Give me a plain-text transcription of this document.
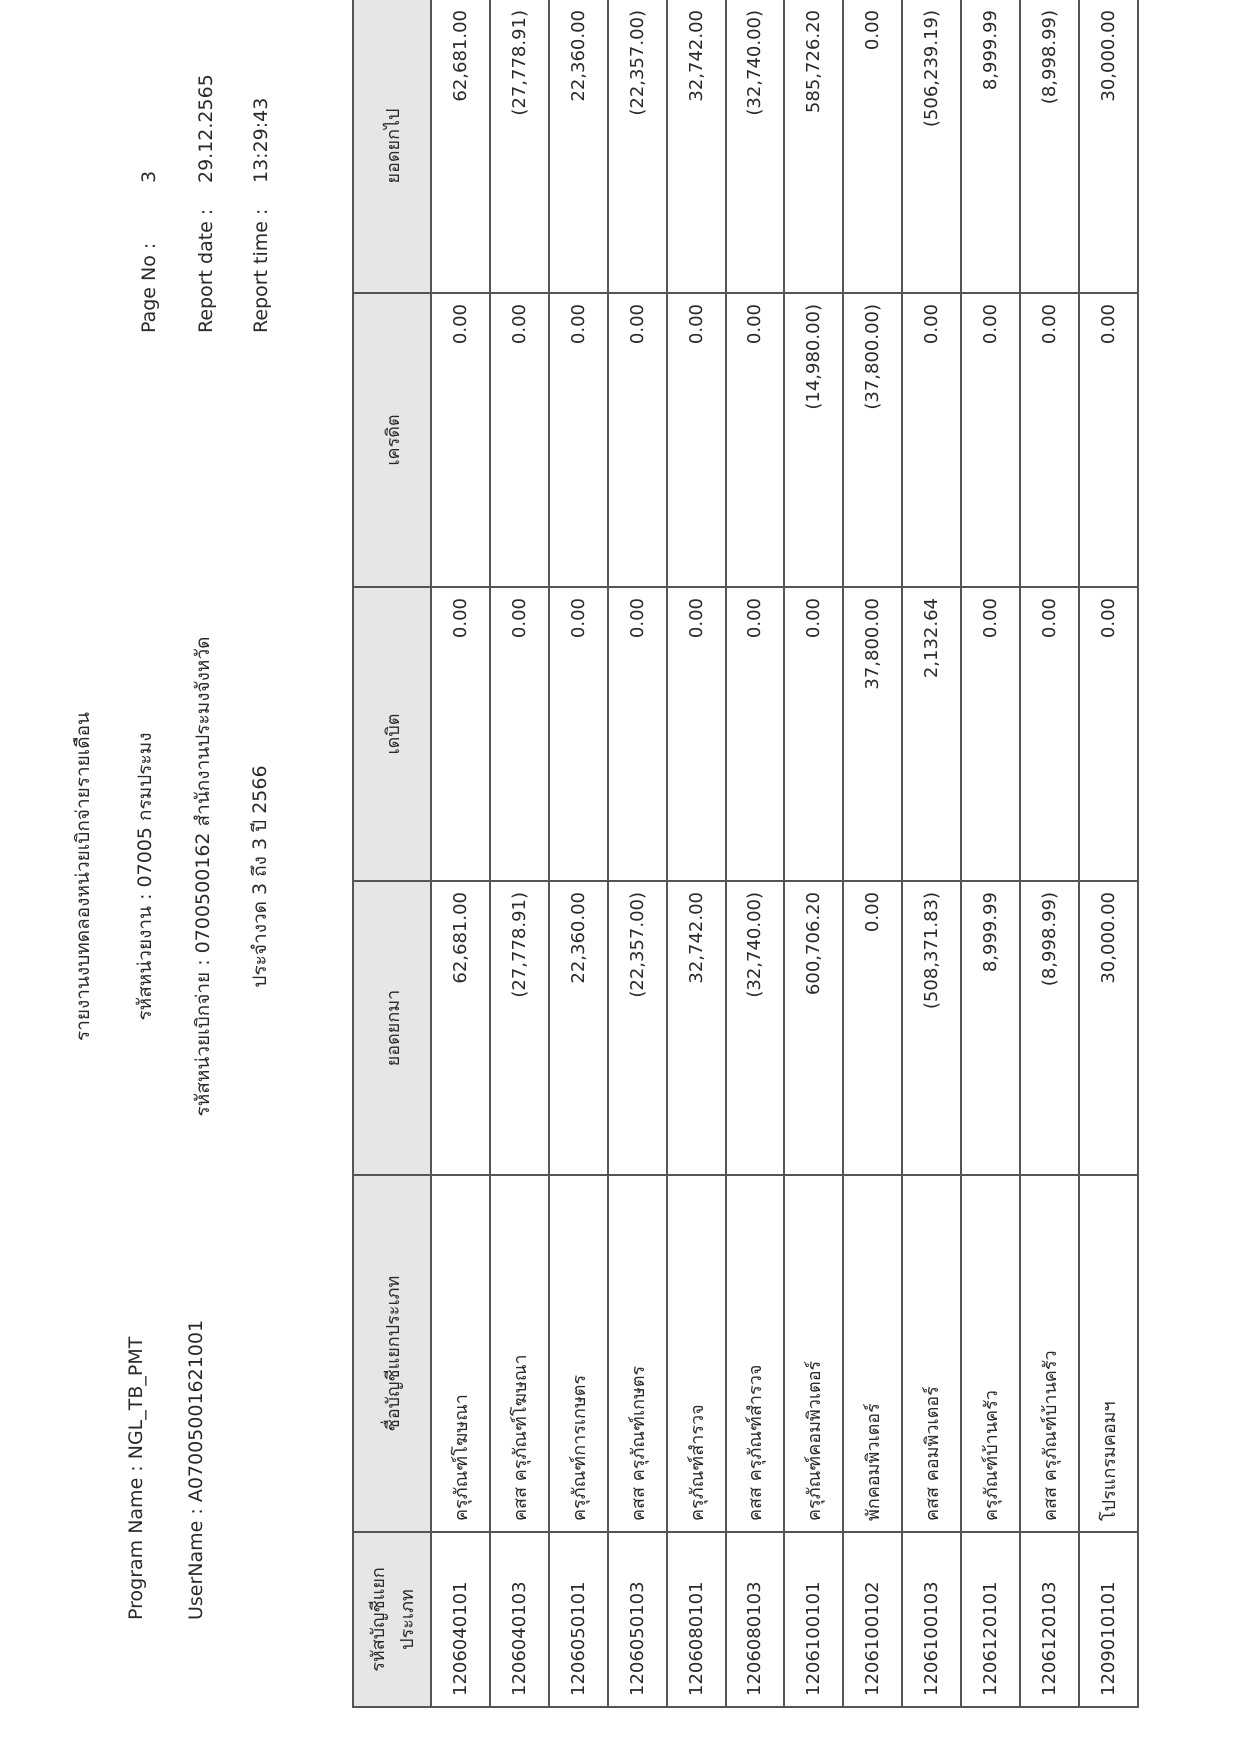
Program Name : NGL_TB_PMT UserName : A07005001621001
รายงานงบทดลองหน่วยเบิกจ่ายรายเดือน รหัสหน่วยงาน : 07005 กรมประมง รหัสหน่วยเบิกจ่าย : 0700500162 สำนักงานประมงจังหวัด ประจำงวด 3 ถึง 3 ปี 2566
Page No :
3
Report date :
29.12.2565
Report time :
13:29:43
รหัสบัญชีแยกประเภท	ชื่อบัญชีแยกประเภท	ยอดยกมา	เดบิต	เครดิต	ยอดยกไป
1206040101	ครุภัณฑ์โฆษณา	62,681.00	0.00	0.00	62,681.00
1206040103	คสส ครุภัณฑ์โฆษณา	(27,778.91)	0.00	0.00	(27,778.91)
1206050101	ครุภัณฑ์การเกษตร	22,360.00	0.00	0.00	22,360.00
1206050103	คสส ครุภัณฑ์เกษตร	(22,357.00)	0.00	0.00	(22,357.00)
1206080101	ครุภัณฑ์สำรวจ	32,742.00	0.00	0.00	32,742.00
1206080103	คสส ครุภัณฑ์สำรวจ	(32,740.00)	0.00	0.00	(32,740.00)
1206100101	ครุภัณฑ์คอมพิวเตอร์	600,706.20	0.00	(14,980.00)	585,726.20
1206100102	พักคอมพิวเตอร์	0.00	37,800.00	(37,800.00)	0.00
1206100103	คสส คอมพิวเตอร์	(508,371.83)	2,132.64	0.00	(506,239.19)
1206120101	ครุภัณฑ์บ้านครัว	8,999.99	0.00	0.00	8,999.99
1206120103	คสส ครุภัณฑ์บ้านครัว	(8,998.99)	0.00	0.00	(8,998.99)
1209010101	โปรแกรมคอมฯ	30,000.00	0.00	0.00	30,000.00
